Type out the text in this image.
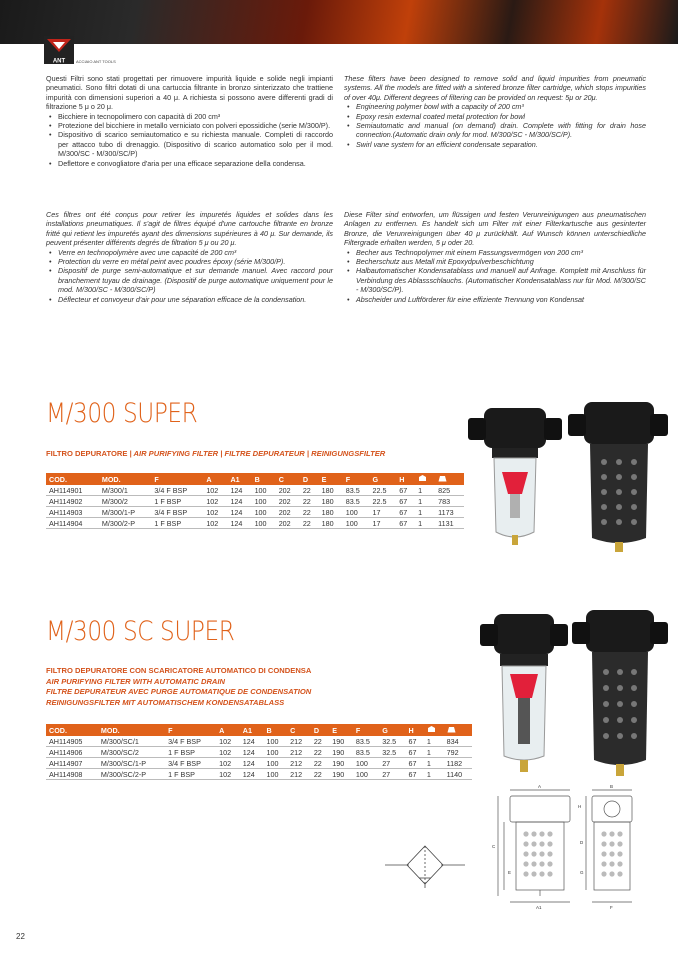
ANT	ACCIAIO ANT TOOLS
Questi Filtri sono stati progettati per rimuovere impurità liquide e solide negli impianti pneumatici. Sono filtri dotati di una cartuccia filtrante in bronzo sinterizzato che trattiene impurità con dimensioni superiori a 40 μ. A richiesta si possono avere differenti gradi di filtrazione 5 μ o 20 μ.
• Bicchiere in tecnopolimero con capacità di 200 cm³
• Protezione del bicchiere in metallo verniciato con polveri epossidiche (serie M/300/P).
• Dispositivo di scarico semiautomatico e su richiesta manuale. Completi di raccordo per attacco tubo di drenaggio. (Dispositivo di scarico automatico solo per il mod. M/300/SC - M/300/SC/P)
• Deflettore e convogliatore d'aria per una efficace separazione della condensa.
These filters have been designed to remove solid and liquid impurities from pneumatic systems. All the models are fitted with a sintered bronze filter cartridge, which stops impurities of over 40μ. Different degrees of filtering can be provided on request: 5μ or 20μ.
• Engineering polymer bowl with a capacity of 200 cm³
• Epoxy resin external coated metal protection for bowl
• Semiautomatic and manual (on demand) drain. Complete with fitting for drain hose connection.(Automatic drain only for mod. M/300/SC - M/300/SC/P).
• Swirl vane system for an efficient condensate separation.
Ces filtres ont été conçus pour retirer les impuretés liquides et solides dans les installations pneumatiques. Il s'agit de filtres équipé d'une cartouche filtrante en bronze fritté qui retient les impuretés ayant des dimensions supérieures à 40 μ. Sur demande, ils peuvent présenter différents degrés de filtration 5 μ ou 20 μ.
• Verre en technopolymère avec une capacité de 200 cm³
• Protection du verre en métal peint avec poudres époxy (série M/300/P).
• Dispositif de purge semi-automatique et sur demande manuel. Avec raccord pour branchement tuyau de drainage. (Dispositif de purge automatique uniquement pour le mod. M/300/SC - M/300/SC/P)
• Déflecteur et convoyeur d'air pour une séparation efficace de la condensation.
Diese Filter sind entworfen, um flüssigen und festen Verunreinigungen aus pneumatischen Anlagen zu entfernen. Es handelt sich um Filter mit einer Filterkartusche aus gesinterter Bronze, die Verunreinigungen über 40 μ zurückhält. Auf Wunsch können unterschiedliche Filtergrade erhalten werden, 5 μ oder 20.
• Becher aus Technopolymer mit einem Fassungsvermögen von 200 cm³
• Becherschutz aus Metall mit Epoxydpulverbeschichtung
• Halbautomatischer Kondensatablass und manuell auf Anfrage. Komplett mit Anschluss für Verbindung des Ablassschlauchs. (Automatischer Kondensatablass nur für Mod. M/300/SC - M/300/SC/P).
• Abscheider und Luftförderer für eine effiziente Trennung von Kondensat
M/300 SUPER
FILTRO DEPURATORE | AIR PURIFYING FILTER | FILTRE DEPURATEUR | REINIGUNGSFILTER
COD.	MOD.	F	A	A1	B	C	D	E	F	G	H		
AH114901	M/300/1	3/4 F BSP	102	124	100	202	22	180	83.5	22.5	67	1	825
AH114902	M/300/2	1 F BSP	102	124	100	202	22	180	83.5	22.5	67	1	783
AH114903	M/300/1-P	3/4 F BSP	102	124	100	202	22	180	100	17	67	1	1173
AH114904	M/300/2-P	1 F BSP	102	124	100	202	22	180	100	17	67	1	1131
M/300 SC SUPER
FILTRO DEPURATORE CON SCARICATORE AUTOMATICO DI CONDENSA
AIR PURIFYING FILTER WITH AUTOMATIC DRAIN
FILTRE DEPURATEUR AVEC PURGE AUTOMATIQUE DE CONDENSATION
REINIGUNGSFILTER MIT AUTOMATISCHEM KONDENSATABLASS
COD.	MOD.	F	A	A1	B	C	D	E	F	G	H		
AH114905	M/300/SC/1	3/4 F BSP	102	124	100	212	22	190	83.5	32.5	67	1	834
AH114906	M/300/SC/2	1 F BSP	102	124	100	212	22	190	83.5	32.5	67	1	792
AH114907	M/300/SC/1-P	3/4 F BSP	102	124	100	212	22	190	100	27	67	1	1182
AH114908	M/300/SC/2-P	1 F BSP	102	124	100	212	22	190	100	27	67	1	1140
A	B
C
E
H
G
A1	F
D
22
